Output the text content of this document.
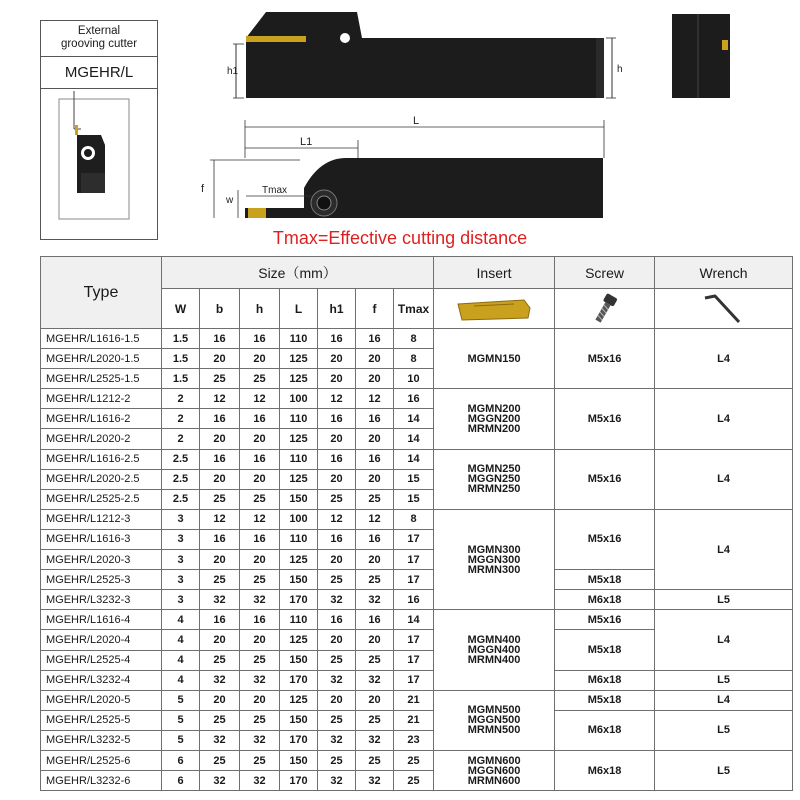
External
grooving cutter
MGEHR/L	h1	h
L
L1
Tmax
f
w
Tmax=Effective cutting distance
Type	Size（mm）							Insert	Screw	Wrench
	W	b	h	L	h1	f	Tmax	

MGEHR/L1616-1.5	1.5	16	16	110	16	16	8	MGMN150	M5x16	L4
MGEHR/L2020-1.5	1.5	20	20	125	20	20	8			
MGEHR/L2525-1.5	1.5	25	25	125	20	20	10			
MGEHR/L1212-2	2	12	12	100	12	12	16	MGMN200
MGGN200
MRMN200	M5x16	L4
MGEHR/L1616-2	2	16	16	110	16	16	14			
MGEHR/L2020-2	2	20	20	125	20	20	14			
MGEHR/L1616-2.5	2.5	16	16	110	16	16	14	MGMN250
MGGN250
MRMN250	M5x16	L4
MGEHR/L2020-2.5	2.5	20	20	125	20	20	15			
MGEHR/L2525-2.5	2.5	25	25	150	25	25	15			
MGEHR/L1212-3	3	12	12	100	12	12	8	MGMN300
MGGN300
MRMN300	M5x16	L4
MGEHR/L1616-3	3	16	16	110	16	16	17			
MGEHR/L2020-3	3	20	20	125	20	20	17			
MGEHR/L2525-3	3	25	25	150	25	25	17		M5x18	
MGEHR/L3232-3	3	32	32	170	32	32	16		M6x18	L5
MGEHR/L1616-4	4	16	16	110	16	16	14	MGMN400
MGGN400
MRMN400	M5x16	L4
MGEHR/L2020-4	4	20	20	125	20	20	17		M5x18	
MGEHR/L2525-4	4	25	25	150	25	25	17			
MGEHR/L3232-4	4	32	32	170	32	32	17		M6x18	L5
MGEHR/L2020-5	5	20	20	125	20	20	21	MGMN500
MGGN500
MRMN500	M5x18	L4
MGEHR/L2525-5	5	25	25	150	25	25	21		M6x18	L5
MGEHR/L3232-5	5	32	32	170	32	32	23			
MGEHR/L2525-6	6	25	25	150	25	25	25	MGMN600
MGGN600
MRMN600	M6x18	L5
MGEHR/L3232-6	6	32	32	170	32	32	25			
